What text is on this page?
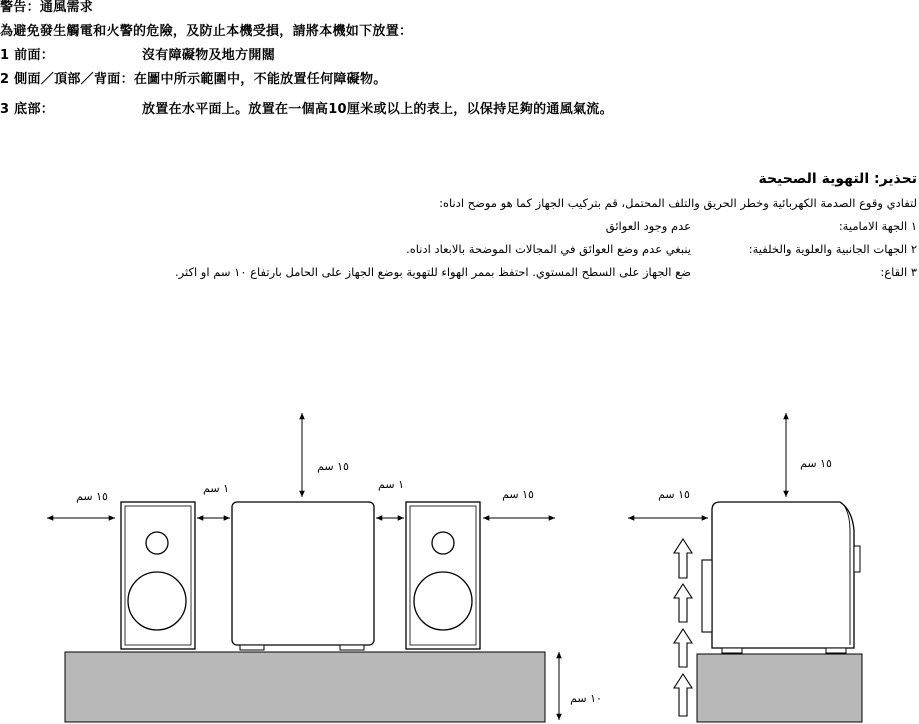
警告：通風需求
為避免發生觸電和火警的危險，及防止本機受損，請將本機如下放置：
1 前面：	沒有障礙物及地方開闊
2 側面／頂部／背面：在圖中所示範圍中，不能放置任何障礙物。
3 底部：	放置在水平面上。放置在一個高10厘米或以上的表上，以保持足夠的通風氣流。
تحذير: التهوية الصحيحة
لتفادي وقوع الصدمة الكهربائية وخطر الحريق والتلف المحتمل، قم بتركيب الجهاز كما هو موضح ادناه:
١ الجهة الامامية:
عدم وجود العوائق
٢ الجهات الجانبية والعلوية والخلفية:
ينبغي عدم وضع العوائق في المجالات الموضحة بالابعاد ادناه.
٣ القاع:
ضع الجهاز على السطح المستوي. احتفظ بممر الهواء للتهوية بوضع الجهاز على الحامل بارتفاع ١٠ سم او اكثر.
١٥ سم
١ سم
١٥ سم
١ سم
١٥ سم
١٠ سم
١٥ سم
١٥ سم
